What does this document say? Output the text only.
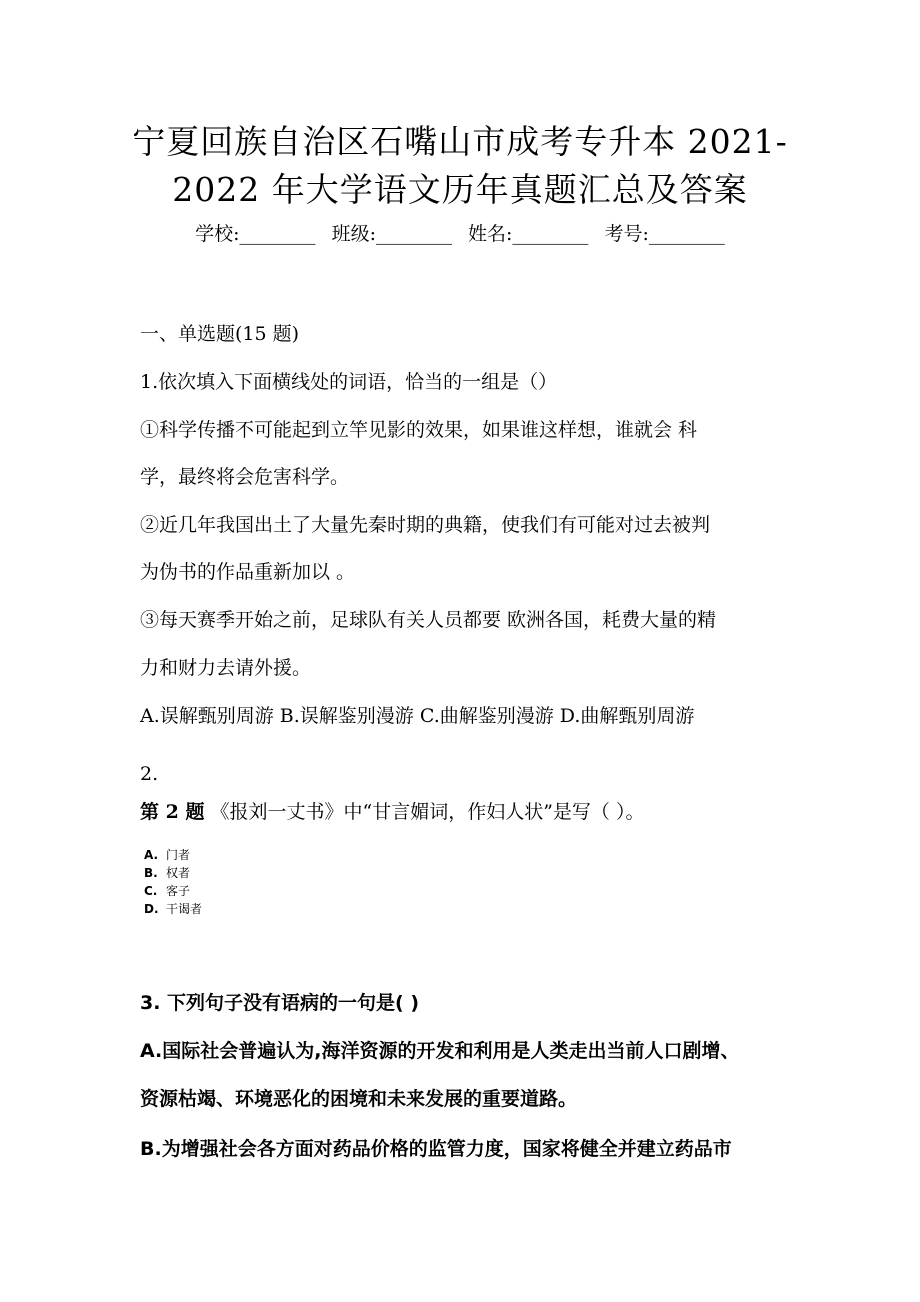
宁夏回族自治区石嘴山市成考专升本 2021-
2022 年大学语文历年真题汇总及答案
学校:________ 班级:________ 姓名:________ 考号:________
一、单选题(15 题)
1.依次填入下面横线处的词语，恰当的一组是（）
①科学传播不可能起到立竿见影的效果，如果谁这样想，谁就会 科
学，最终将会危害科学。
②近几年我国出土了大量先秦时期的典籍，使我们有可能对过去被判
为伪书的作品重新加以 。
③每天赛季开始之前，足球队有关人员都要 欧洲各国，耗费大量的精
力和财力去请外援。
A.误解甄别周游 B.误解鉴别漫游 C.曲解鉴别漫游 D.曲解甄别周游
2.
第 2 题 《报刘一丈书》中“甘言媚词，作妇人状”是写（ ）。
A. 门者
B. 权者
C. 客子
D. 干谒者
3. 下列句子没有语病的一句是( )
A.国际社会普遍认为,海洋资源的开发和利用是人类走出当前人口剧增、
资源枯竭、环境恶化的困境和未来发展的重要道路。
B.为增强社会各方面对药品价格的监管力度，国家将健全并建立药品市
